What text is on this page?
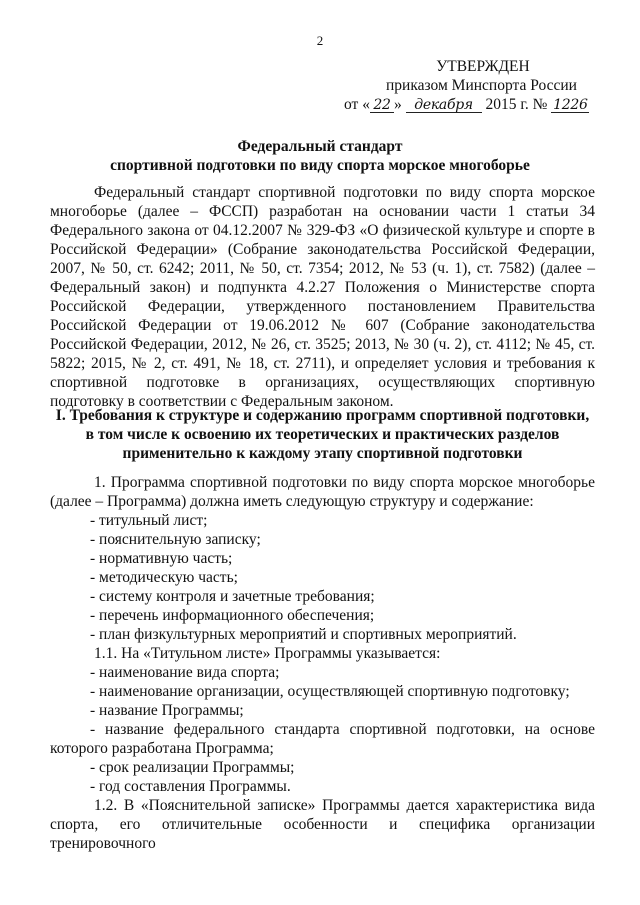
2
УТВЕРЖДЕН
приказом Минспорта России
от « 22 » декабря 2015 г. № 1226
Федеральный стандарт
спортивной подготовки по виду спорта морское многоборье

Федеральный стандарт спортивной подготовки по виду спорта морское многоборье (далее – ФССП) разработан на основании части 1 статьи 34 Федерального закона от 04.12.2007 № 329-ФЗ «О физической культуре и спорте в Российской Федерации» (Собрание законодательства Российской Федерации, 2007, № 50, ст. 6242; 2011, № 50, ст. 7354; 2012, № 53 (ч. 1), ст. 7582) (далее – Федеральный закон) и подпункта 4.2.27 Положения о Министерстве спорта Российской Федерации, утвержденного постановлением Правительства Российской Федерации от 19.06.2012 № 607 (Собрание законодательства Российской Федерации, 2012, № 26, ст. 3525; 2013, № 30 (ч. 2), ст. 4112; № 45, ст. 5822; 2015, № 2, ст. 491, № 18, ст. 2711), и определяет условия и требования к спортивной подготовке в организациях, осуществляющих спортивную подготовку в соответствии с Федеральным законом.

I. Требования к структуре и содержанию программ спортивной подготовки,
в том числе к освоению их теоретических и практических разделов
применительно к каждому этапу спортивной подготовки

1. Программа спортивной подготовки по виду спорта морское многоборье (далее – Программа) должна иметь следующую структуру и содержание:

- титульный лист;

- пояснительную записку;

- нормативную часть;

- методическую часть;

- систему контроля и зачетные требования;

- перечень информационного обеспечения;

- план физкультурных мероприятий и спортивных мероприятий.

1.1. На «Титульном листе» Программы указывается:

- наименование вида спорта;

- наименование организации, осуществляющей спортивную подготовку;

- название Программы;

- название федерального стандарта спортивной подготовки, на основе которого разработана Программа;

- срок реализации Программы;

- год составления Программы.

1.2. В «Пояснительной записке» Программы дается характеристика вида спорта, его отличительные особенности и специфика организации тренировочного
